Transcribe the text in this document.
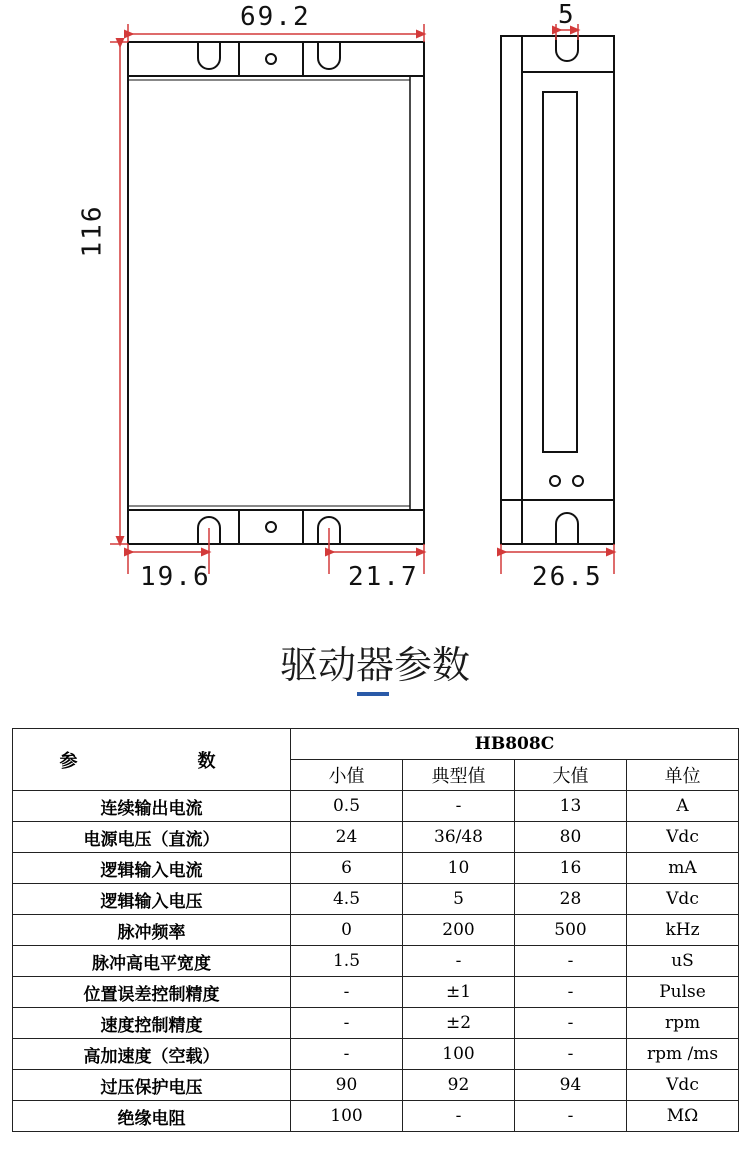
69.2
116
5
19.6	21.7	26.5
驱动器参数
参　　数	HB808C			
	小值	典型值	大值	单位
连续输出电流	0.5	-	13	A
电源电压（直流）	24	36/48	80	Vdc
逻辑输入电流	6	10	16	mA
逻辑输入电压	4.5	5	28	Vdc
脉冲频率	0	200	500	kHz
脉冲高电平宽度	1.5	-	-	uS
位置误差控制精度	-	±1	-	Pulse
速度控制精度	-	±2	-	rpm
高加速度（空载）	-	100	-	rpm /ms
过压保护电压	90	92	94	Vdc
绝缘电阻	100	-	-	MΩ
